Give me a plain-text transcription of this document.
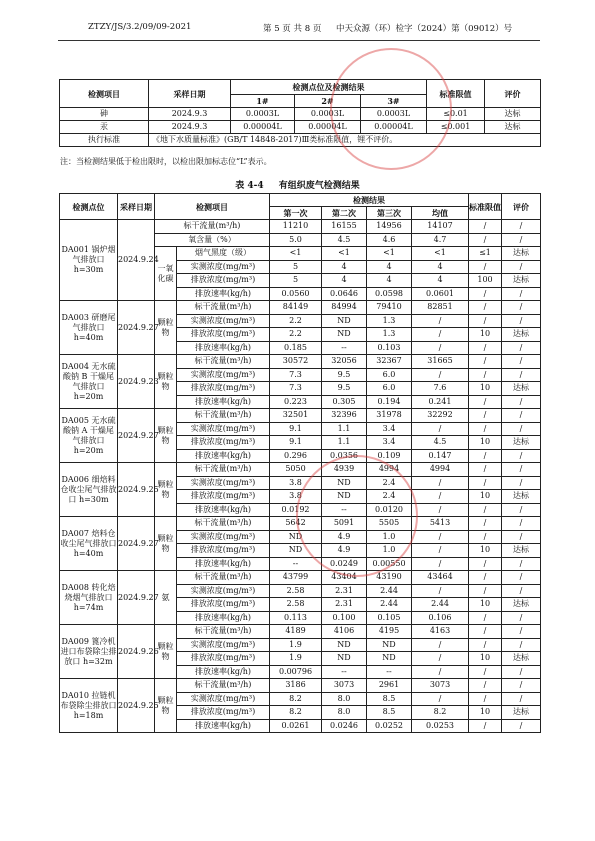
ZTZY/JS/3.2/09/09-2021	第 5 页 共 8 页 中天众源（环）检字（2024）第（09012）号
检测项目	采样日期	检测点位及检测结果			标准限值	评价
		1#	2#	3#		
砷	2024.9.3	0.0003L	0.0003L	0.0003L	≤0.01	达标
汞	2024.9.3	0.00004L	0.00004L	0.00004L	≤0.001	达标
执行标准	《地下水质量标准》(GB/T 14848-2017)Ⅲ类标准限值，锂不评价。					
注：当检测结果低于检出限时，以检出限加标志位“L”表示。
表 4-4 有组织废气检测结果
检测点位	采样日期	检测项目		检测结果				标准限值	评价
				第一次	第二次	第三次	均值		
DA001 锅炉烟气排放口 h=30m	2024.9.24	标干流量(m³/h)		11210	16155	14956	14107	/	/
		氧含量（%）		5.0	4.5	4.6	4.7	/	/
		一氧化碳	烟气黑度（级）	<1	<1	<1	<1	≤1	达标
			实测浓度(mg/m³)	5	4	4	4	/	/
			排放浓度(mg/m³)	5	4	4	4	100	达标
			排放速率(kg/h)	0.0560	0.0646	0.0598	0.0601	/	/
DA003 研磨尾气排放口 h=40m	2024.9.27	颗粒物	标干流量(m³/h)	84149	84994	79410	82851	/	/
			实测浓度(mg/m³)	2.2	ND	1.3	/	/	/
			排放浓度(mg/m³)	2.2	ND	1.3	/	10	达标
			排放速率(kg/h)	0.185	--	0.103	/	/	/
DA004 无水硫酸钠 B 干燥尾气排放口 h=20m	2024.9.23	颗粒物	标干流量(m³/h)	30572	32056	32367	31665	/	/
			实测浓度(mg/m³)	7.3	9.5	6.0	/	/	/
			排放浓度(mg/m³)	7.3	9.5	6.0	7.6	10	达标
			排放速率(kg/h)	0.223	0.305	0.194	0.241	/	/
DA005 无水硫酸钠 A 干燥尾气排放口 h=20m	2024.9.27	颗粒物	标干流量(m³/h)	32501	32396	31978	32292	/	/
			实测浓度(mg/m³)	9.1	1.1	3.4	/	/	/
			排放浓度(mg/m³)	9.1	1.1	3.4	4.5	10	达标
			排放速率(kg/h)	0.296	0.0356	0.109	0.147	/	/
DA006 细焙料仓收尘尾气排放口 h=30m	2024.9.25	颗粒物	标干流量(m³/h)	5050	4939	4994	4994	/	/
			实测浓度(mg/m³)	3.8	ND	2.4	/	/	/
			排放浓度(mg/m³)	3.8	ND	2.4	/	10	达标
			排放速率(kg/h)	0.0192	--	0.0120	/	/	/
DA007 焙料仓收尘尾气排放口 h=40m	2024.9.27	颗粒物	标干流量(m³/h)	5642	5091	5505	5413	/	/
			实测浓度(mg/m³)	ND	4.9	1.0	/	/	/
			排放浓度(mg/m³)	ND	4.9	1.0	/	10	达标
			排放速率(kg/h)	--	0.0249	0.00550	/	/	/
DA008 转化焙烧烟气排放口 h=74m	2024.9.27	氨	标干流量(m³/h)	43799	43404	43190	43464	/	/
			实测浓度(mg/m³)	2.58	2.31	2.44	/	/	/
			排放浓度(mg/m³)	2.58	2.31	2.44	2.44	10	达标
			排放速率(kg/h)	0.113	0.100	0.105	0.106	/	/
DA009 篦冷机进口布袋除尘排放口 h=32m	2024.9.26	颗粒物	标干流量(m³/h)	4189	4106	4195	4163	/	/
			实测浓度(mg/m³)	1.9	ND	ND	/	/	/
			排放浓度(mg/m³)	1.9	ND	ND	/	10	达标
			排放速率(kg/h)	0.00796	--	--	/	/	/
DA010 拉链机布袋除尘排放口 h=18m	2024.9.25	颗粒物	标干流量(m³/h)	3186	3073	2961	3073	/	/
			实测浓度(mg/m³)	8.2	8.0	8.5	/	/	/
			排放浓度(mg/m³)	8.2	8.0	8.5	8.2	10	达标
			排放速率(kg/h)	0.0261	0.0246	0.0252	0.0253	/	/
